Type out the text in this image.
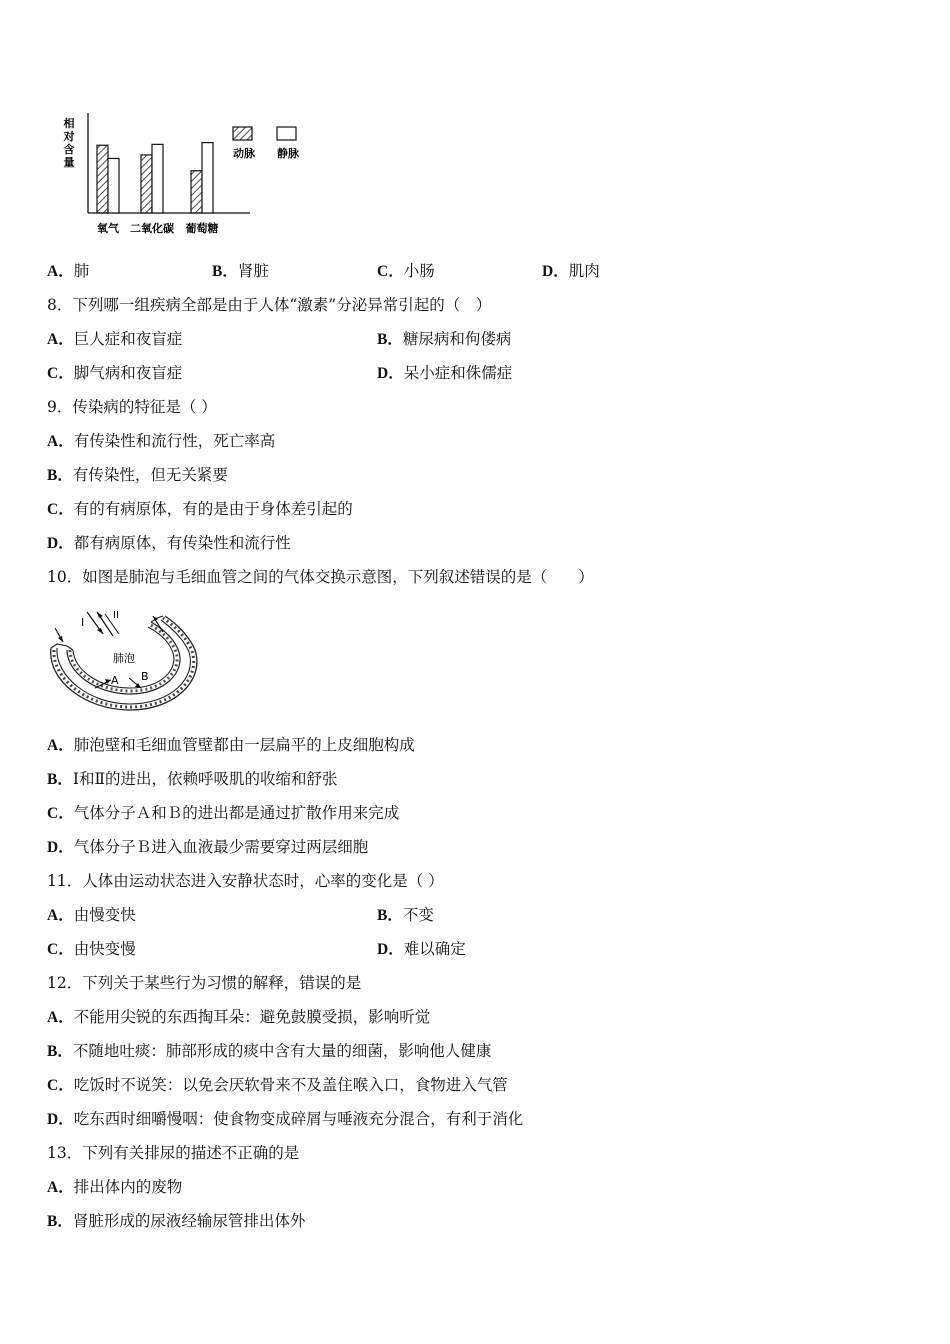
相对含量
氧气 二氧化碳 葡萄糖
动脉 静脉
A．肺	B．肾脏	C．小肠	D．肌肉
8．下列哪一组疾病全部是由于人体“激素”分泌异常引起的（　）
A．巨人症和夜盲症	B．糖尿病和佝偻病
C．脚气病和夜盲症	D．呆小症和侏儒症
9．传染病的特征是（ ）
A．有传染性和流行性，死亡率高
B．有传染性，但无关紧要
C．有的有病原体，有的是由于身体差引起的
D．都有病原体，有传染性和流行性
10．如图是肺泡与毛细血管之间的气体交换示意图，下列叙述错误的是（　　）
I
II
肺泡
A B
A．肺泡壁和毛细血管壁都由一层扁平的上皮细胞构成
B．Ⅰ和Ⅱ的进出，依赖呼吸肌的收缩和舒张
C．气体分子Ａ和Ｂ的进出都是通过扩散作用来完成
D．气体分子Ｂ进入血液最少需要穿过两层细胞
11．人体由运动状态进入安静状态时，心率的变化是（ ）
A．由慢变快	B．不变
C．由快变慢	D．难以确定
12．下列关于某些行为习惯的解释，错误的是
A．不能用尖锐的东西掏耳朵：避免鼓膜受损，影响听觉
B．不随地吐痰：肺部形成的痰中含有大量的细菌，影响他人健康
C．吃饭时不说笑：以免会厌软骨来不及盖住喉入口，食物进入气管
D．吃东西时细嚼慢咽：使食物变成碎屑与唾液充分混合，有利于消化
13．下列有关排尿的描述不正确的是
A．排出体内的废物
B．肾脏形成的尿液经输尿管排出体外
